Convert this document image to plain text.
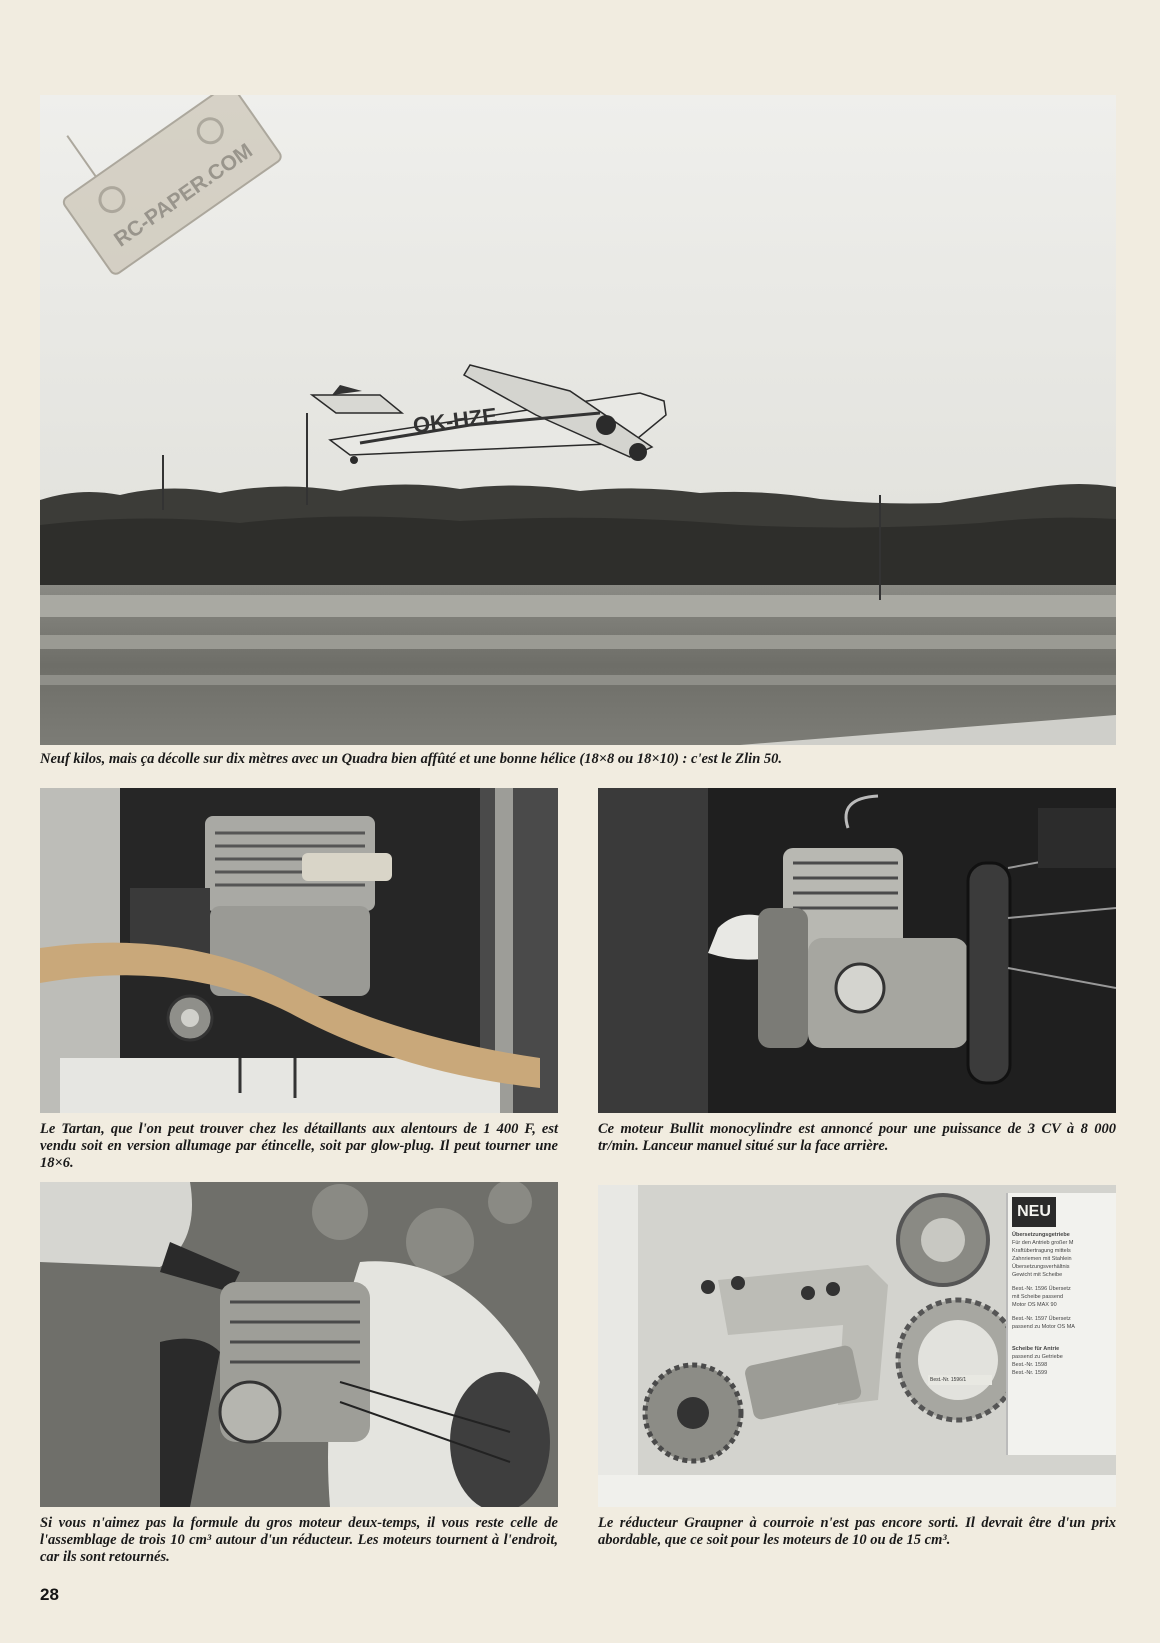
OK-HZE
RC-PAPER.COM
Neuf kilos, mais ça décolle sur dix mètres avec un Quadra bien affûté et une bonne hélice (18×8 ou 18×10) : c'est le Zlin 50.
Le Tartan, que l'on peut trouver chez les détaillants aux alentours de 1 400 F, est vendu soit en version allumage par étincelle, soit par glow-plug. Il peut tourner une 18×6.
Ce moteur Bullit monocylindre est annoncé pour une puissance de 3 CV à 8 000 tr/min. Lanceur manuel situé sur la face arrière.
Si vous n'aimez pas la formule du gros moteur deux-temps, il vous reste celle de l'assemblage de trois 10 cm³ autour d'un réducteur. Les moteurs tournent à l'endroit, car ils sont retournés.
NEU
Übersetzungsgetriebe
Für den Antrieb großer M
Kraftübertragung mittels
Zahnriemen mit Stahlein
Übersetzungsverhältnis
Gewicht mit Scheibe
Best.-Nr. 1596 Übersetz
mit Scheibe passend
Motor OS MAX 90
Best.-Nr. 1597 Übersetz
passend zu Motor OS MA
Scheibe für Antrie
passend zu Getriebe
Best.-Nr. 1598
Best.-Nr. 1599
Best.-Nr. 1596/1
Le réducteur Graupner à courroie n'est pas encore sorti. Il devrait être d'un prix abordable, que ce soit pour les moteurs de 10 ou de 15 cm³.
28
